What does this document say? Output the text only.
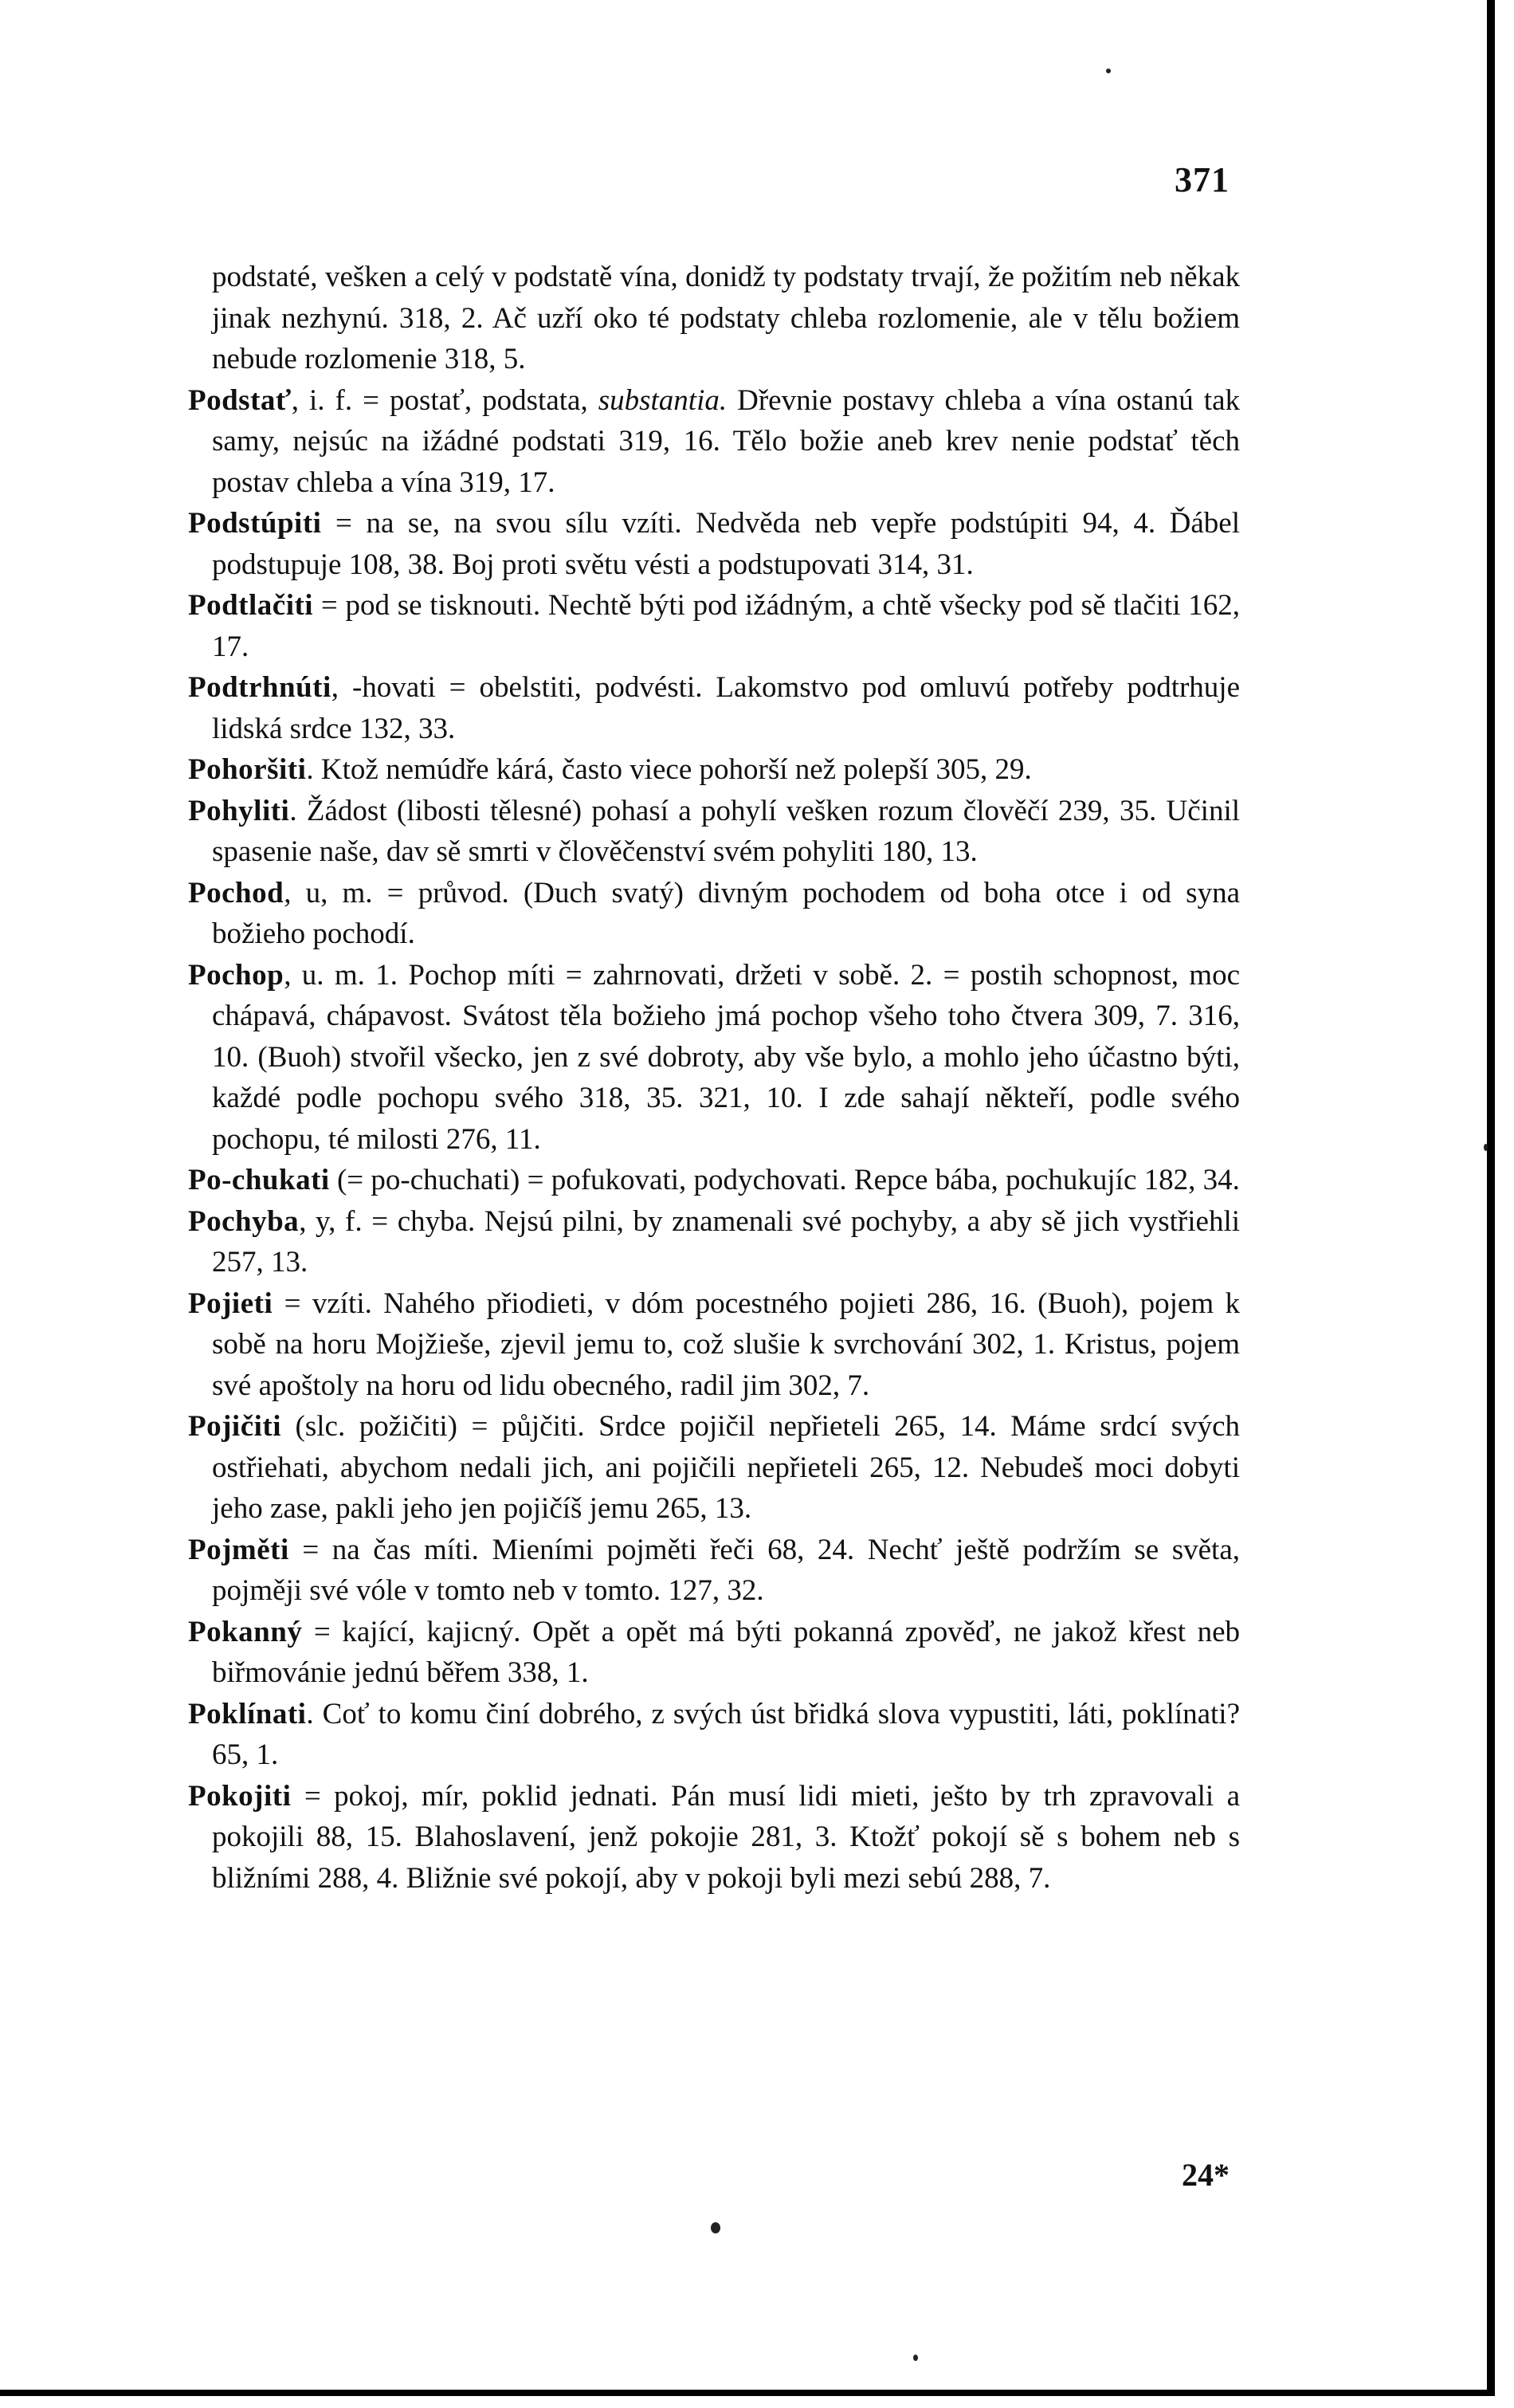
371

podstaté, vešken a celý v podstatě vína, donidž ty podstaty trvají, že požitím neb někak jinak nezhynú. 318, 2. Ač uzří oko té podstaty chleba rozlomenie, ale v tělu božiem nebude rozlomenie 318, 5.

Podstať, i. f. = postať, podstata, substantia. Dřevnie postavy chleba a vína ostanú tak samy, nejsúc na ižádné podstati 319, 16. Tělo božie aneb krev nenie podstať těch postav chleba a vína 319, 17.

Podstúpiti = na se, na svou sílu vzíti. Nedvěda neb vepře podstúpiti 94, 4. Ďábel podstupuje 108, 38. Boj proti světu vésti a podstupovati 314, 31.

Podtlačiti = pod se tisknouti. Nechtě býti pod ižádným, a chtě všecky pod sě tlačiti 162, 17.

Podtrhnúti, -hovati = obelstiti, podvésti. Lakomstvo pod omluvú potřeby podtrhuje lidská srdce 132, 33.

Pohoršiti. Ktož nemúdře kárá, často viece pohorší než polepší 305, 29.

Pohyliti. Žádost (libosti tělesné) pohasí a pohylí vešken rozum člověčí 239, 35. Učinil spasenie naše, dav sě smrti v člověčenství svém pohyliti 180, 13.

Pochod, u, m. = průvod. (Duch svatý) divným pochodem od boha otce i od syna božieho pochodí.

Pochop, u. m. 1. Pochop míti = zahrnovati, držeti v sobě. 2. = postih schopnost, moc chápavá, chápavost. Svátost těla božieho jmá pochop všeho toho čtvera 309, 7. 316, 10. (Buoh) stvořil všecko, jen z své dobroty, aby vše bylo, a mohlo jeho účastno býti, každé podle pochopu svého 318, 35. 321, 10. I zde sahají někteří, podle svého pochopu, té milosti 276, 11.

Po-chukati (= po-chuchati) = pofukovati, podychovati. Repce bába, pochukujíc 182, 34.

Pochyba, y, f. = chyba. Nejsú pilni, by znamenali své pochyby, a aby sě jich vystřiehli 257, 13.

Pojieti = vzíti. Nahého přiodieti, v dóm pocestného pojieti 286, 16. (Buoh), pojem k sobě na horu Mojžieše, zjevil jemu to, což slušie k svrchování 302, 1. Kristus, pojem své apoštoly na horu od lidu obecného, radil jim 302, 7.

Pojičiti (slc. požičiti) = půjčiti. Srdce pojičil nepřieteli 265, 14. Máme srdcí svých ostřiehati, abychom nedali jich, ani pojičili nepřieteli 265, 12. Nebudeš moci dobyti jeho zase, pakli jeho jen pojičíš jemu 265, 13.

Pojměti = na čas míti. Mieními pojměti řeči 68, 24. Nechť ještě podržím se světa, pojměji své vóle v tomto neb v tomto. 127, 32.

Pokanný = kající, kajicný. Opět a opět má býti pokanná zpověď, ne jakož křest neb biřmovánie jednú běřem 338, 1.

Poklínati. Coť to komu činí dobrého, z svých úst břidká slova vypustiti, láti, poklínati? 65, 1.

Pokojiti = pokoj, mír, poklid jednati. Pán musí lidi mieti, ješto by trh zpravovali a pokojili 88, 15. Blahoslavení, jenž pokojie 281, 3. Ktožť pokojí sě s bohem neb s bližními 288, 4. Bližnie své pokojí, aby v pokoji byli mezi sebú 288, 7.

24*
